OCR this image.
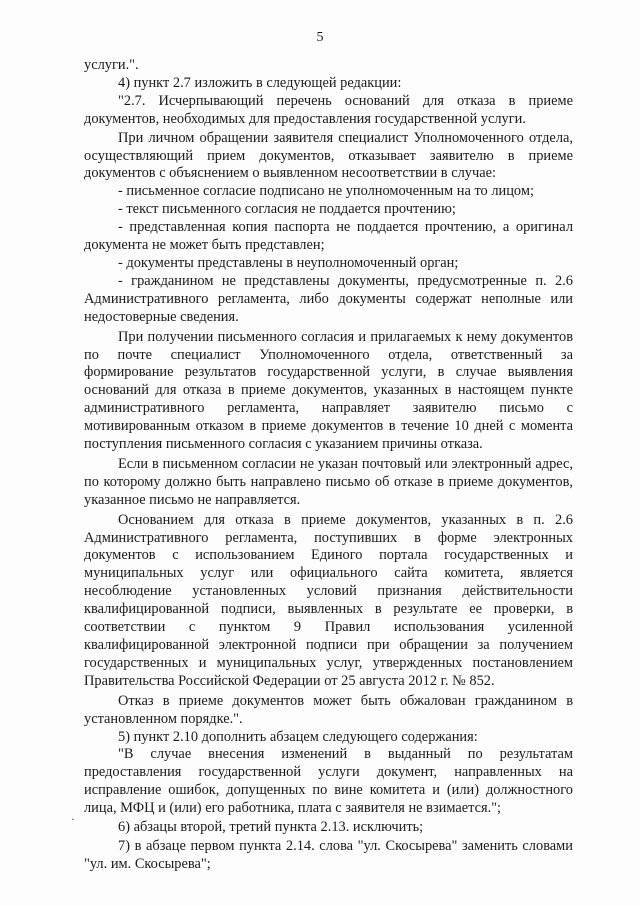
5

услуги.".

4) пункт 2.7 изложить в следующей редакции:

"2.7. Исчерпывающий перечень оснований для отказа в приеме документов, необходимых для предоставления государственной услуги.

При личном обращении заявителя специалист Уполномоченного отдела, осуществляющий прием документов, отказывает заявителю в приеме документов с объяснением о выявленном несоответствии в случае:

- письменное согласие подписано не уполномоченным на то лицом;

- текст письменного согласия не поддается прочтению;

- представленная копия паспорта не поддается прочтению, а оригинал документа не может быть представлен;

- документы представлены в неуполномоченный орган;

- гражданином не представлены документы, предусмотренные п. 2.6 Административного регламента, либо документы содержат неполные или недостоверные сведения.

При получении письменного согласия и прилагаемых к нему документов по почте специалист Уполномоченного отдела, ответственный за формирование результатов государственной услуги, в случае выявления оснований для отказа в приеме документов, указанных в настоящем пункте административного регламента, направляет заявителю письмо с мотивированным отказом в приеме документов в течение 10 дней с момента поступления письменного согласия с указанием причины отказа.

Если в письменном согласии не указан почтовый или электронный адрес, по которому должно быть направлено письмо об отказе в приеме документов, указанное письмо не направляется.

Основанием для отказа в приеме документов, указанных в п. 2.6 Административного регламента, поступивших в форме электронных документов с использованием Единого портала государственных и муниципальных услуг или официального сайта комитета, является несоблюдение установленных условий признания действительности квалифицированной подписи, выявленных в результате ее проверки, в соответствии с пунктом 9 Правил использования усиленной квалифицированной электронной подписи при обращении за получением государственных и муниципальных услуг, утвержденных постановлением Правительства Российской Федерации от 25 августа 2012 г. № 852.

Отказ в приеме документов может быть обжалован гражданином в установленном порядке.".

5) пункт 2.10 дополнить абзацем следующего содержания:

"В случае внесения изменений в выданный по результатам предоставления государственной услуги документ, направленных на исправление ошибок, допущенных по вине комитета и (или) должностного лица, МФЦ и (или) его работника, плата с заявителя не взимается.";

6) абзацы второй, третий пункта 2.13. исключить;

7) в абзаце первом пункта 2.14. слова "ул. Скосырева" заменить словами "ул. им. Скосырева";

·
